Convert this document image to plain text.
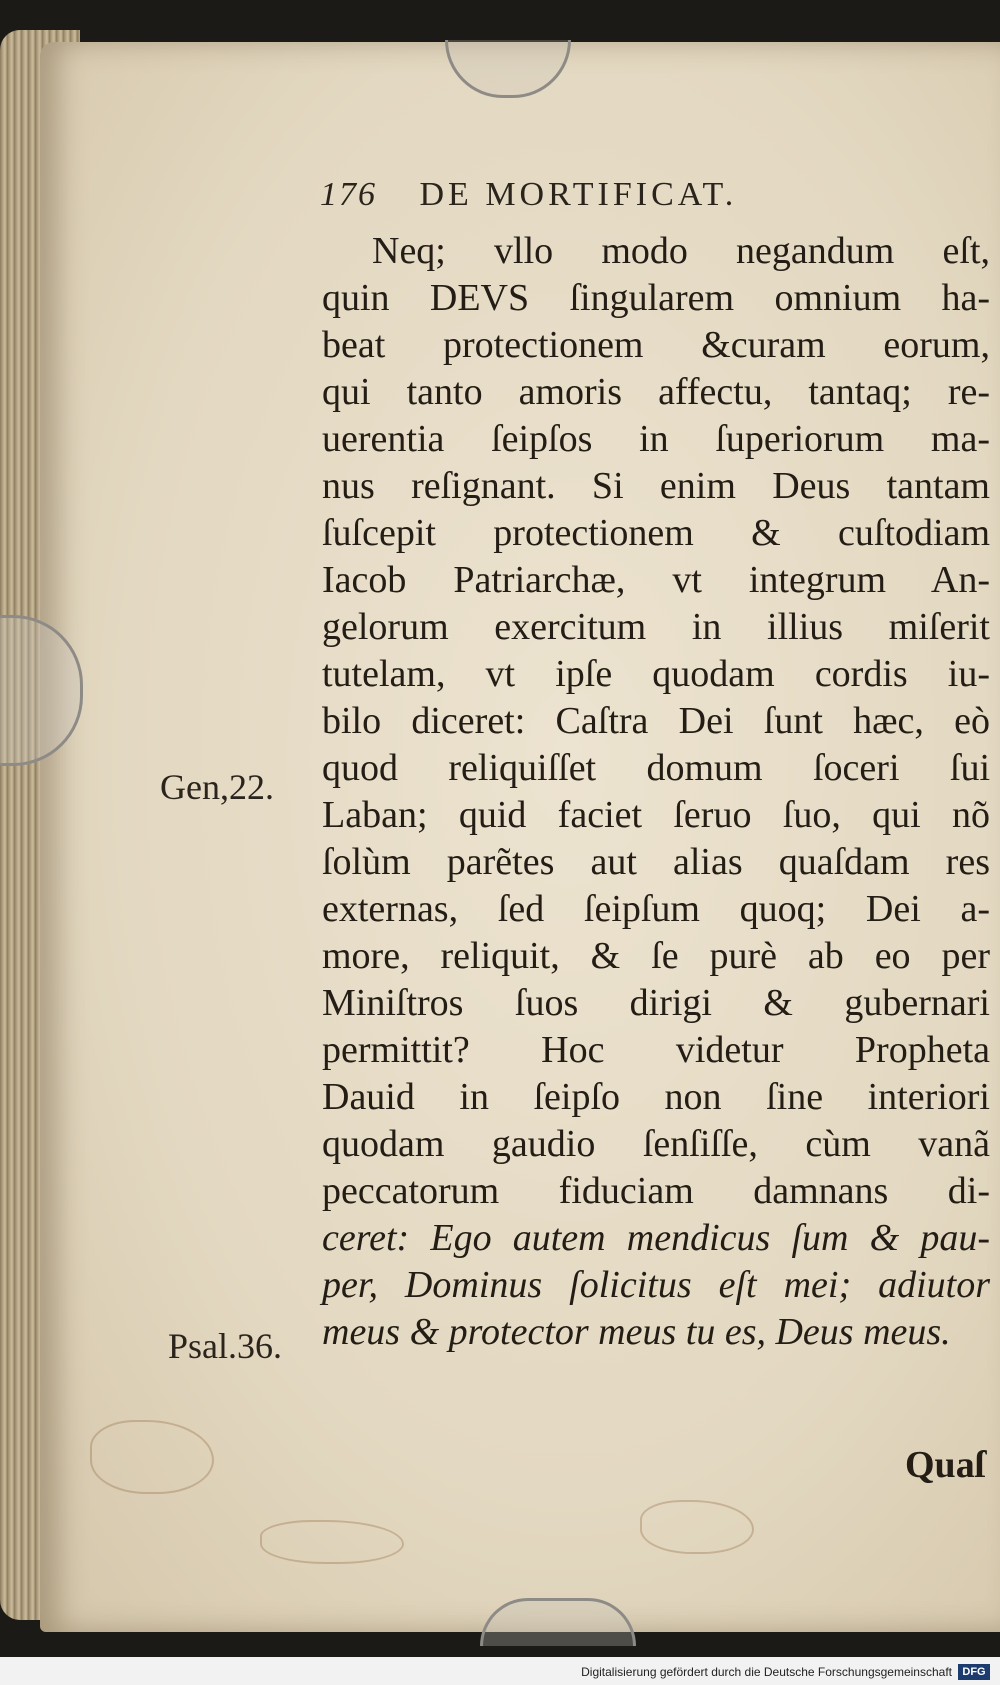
176 DE MORTIFICAT.
Gen,22.
Psal.36.
Neq; vllo modo negandum eſt,
quin DEVS ſingularem omnium ha-
beat protectionem &curam eorum,
qui tanto amoris affectu, tantaq; re-
uerentia ſeipſos in ſuperiorum ma-
nus reſignant. Si enim Deus tantam
ſuſcepit protectionem & cuſtodiam
Iacob Patriarchæ, vt integrum An-
gelorum exercitum in illius miſerit
tutelam, vt ipſe quodam cordis iu-
bilo diceret: Caſtra Dei ſunt hæc, eò
quod reliquiſſet domum ſoceri ſui
Laban; quid faciet ſeruo ſuo, qui nõ
ſolùm parẽtes aut alias quaſdam res
externas, ſed ſeipſum quoq; Dei a-
more, reliquit, & ſe purè ab eo per
Miniſtros ſuos dirigi & gubernari
permittit? Hoc videtur Propheta
Dauid in ſeipſo non ſine interiori
quodam gaudio ſenſiſſe, cùm vanã
peccatorum fiduciam damnans di-
ceret: Ego autem mendicus ſum & pau-
per, Dominus ſolicitus eſt mei; adiutor
meus & protector meus tu es, Deus meus.
Quaſ
Digitalisierung gefördert durch die Deutsche Forschungsgemeinschaft DFG
